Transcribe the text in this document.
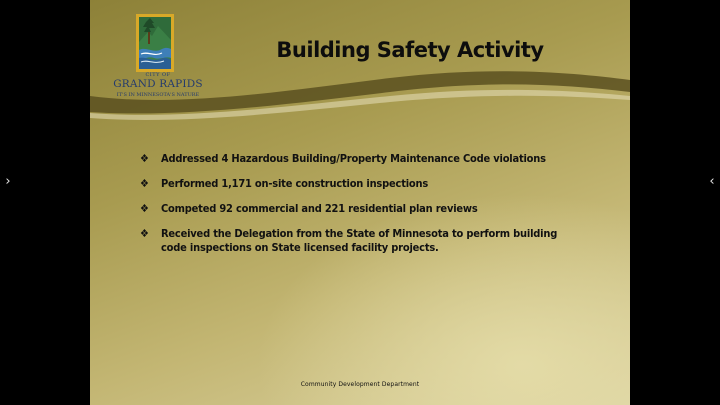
›	‹
CITY OF
GRAND RAPIDS
IT'S IN MINNESOTA'S NATURE
Building Safety Activity
❖ Addressed 4 Hazardous Building/Property Maintenance Code violations
❖ Performed 1,171 on-site construction inspections
❖ Competed 92 commercial and 221 residential plan reviews
❖ Received the Delegation from the State of Minnesota to perform building code inspections on State licensed facility projects.
Community Development Department
